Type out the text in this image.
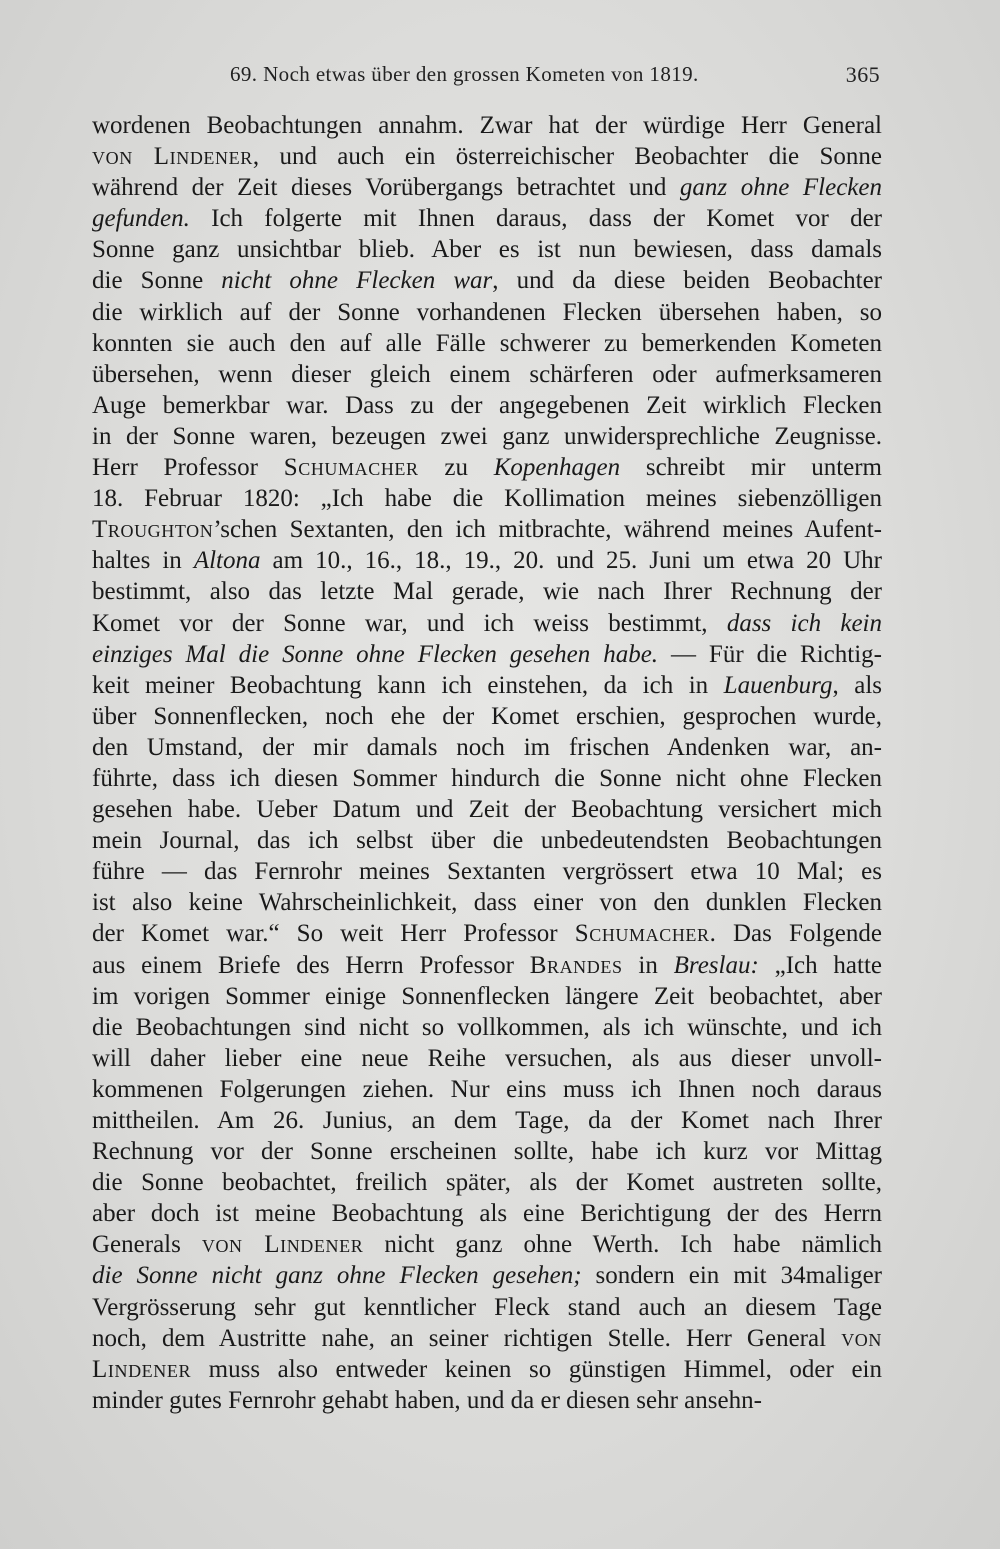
69. Noch etwas über den grossen Kometen von 1819.	365
wordenen Beobachtungen annahm. Zwar hat der würdige Herr General
von Lindener, und auch ein österreichischer Beobachter die Sonne
während der Zeit dieses Vorübergangs betrachtet und ganz ohne Flecken
gefunden. Ich folgerte mit Ihnen daraus, dass der Komet vor der
Sonne ganz unsichtbar blieb. Aber es ist nun bewiesen, dass damals
die Sonne nicht ohne Flecken war, und da diese beiden Beobachter
die wirklich auf der Sonne vorhandenen Flecken übersehen haben, so
konnten sie auch den auf alle Fälle schwerer zu bemerkenden Kometen
übersehen, wenn dieser gleich einem schärferen oder aufmerksameren
Auge bemerkbar war. Dass zu der angegebenen Zeit wirklich Flecken
in der Sonne waren, bezeugen zwei ganz unwidersprechliche Zeugnisse.
Herr Professor Schumacher zu Kopenhagen schreibt mir unterm
18. Februar 1820: „Ich habe die Kollimation meines siebenzölligen
Troughton’schen Sextanten, den ich mitbrachte, während meines Aufent-
haltes in Altona am 10., 16., 18., 19., 20. und 25. Juni um etwa 20 Uhr
bestimmt, also das letzte Mal gerade, wie nach Ihrer Rechnung der
Komet vor der Sonne war, und ich weiss bestimmt, dass ich kein
einziges Mal die Sonne ohne Flecken gesehen habe. — Für die Richtig-
keit meiner Beobachtung kann ich einstehen, da ich in Lauenburg, als
über Sonnenflecken, noch ehe der Komet erschien, gesprochen wurde,
den Umstand, der mir damals noch im frischen Andenken war, an-
führte, dass ich diesen Sommer hindurch die Sonne nicht ohne Flecken
gesehen habe. Ueber Datum und Zeit der Beobachtung versichert mich
mein Journal, das ich selbst über die unbedeutendsten Beobachtungen
führe — das Fernrohr meines Sextanten vergrössert etwa 10 Mal; es
ist also keine Wahrscheinlichkeit, dass einer von den dunklen Flecken
der Komet war.“ So weit Herr Professor Schumacher. Das Folgende
aus einem Briefe des Herrn Professor Brandes in Breslau: „Ich hatte
im vorigen Sommer einige Sonnenflecken längere Zeit beobachtet, aber
die Beobachtungen sind nicht so vollkommen, als ich wünschte, und ich
will daher lieber eine neue Reihe versuchen, als aus dieser unvoll-
kommenen Folgerungen ziehen. Nur eins muss ich Ihnen noch daraus
mittheilen. Am 26. Junius, an dem Tage, da der Komet nach Ihrer
Rechnung vor der Sonne erscheinen sollte, habe ich kurz vor Mittag
die Sonne beobachtet, freilich später, als der Komet austreten sollte,
aber doch ist meine Beobachtung als eine Berichtigung der des Herrn
Generals von Lindener nicht ganz ohne Werth. Ich habe nämlich
die Sonne nicht ganz ohne Flecken gesehen; sondern ein mit 34maliger
Vergrösserung sehr gut kenntlicher Fleck stand auch an diesem Tage
noch, dem Austritte nahe, an seiner richtigen Stelle. Herr General von
Lindener muss also entweder keinen so günstigen Himmel, oder ein
minder gutes Fernrohr gehabt haben, und da er diesen sehr ansehn-
